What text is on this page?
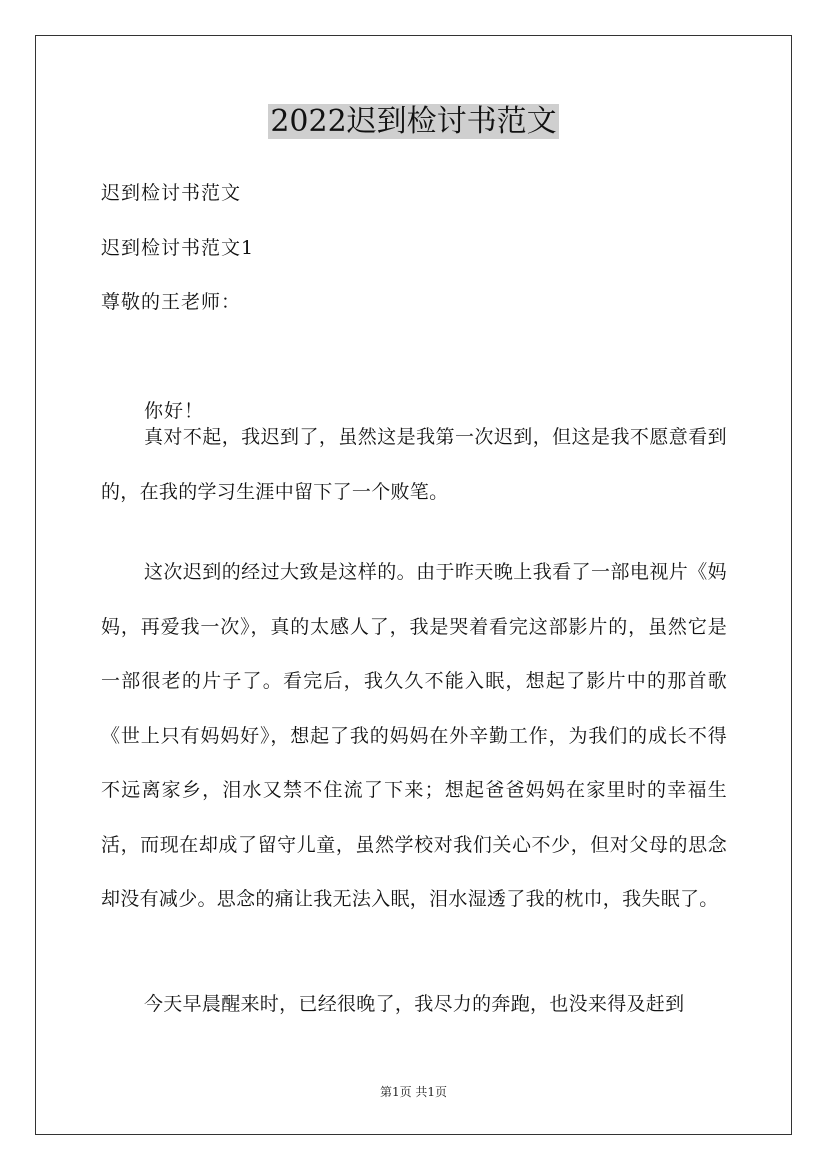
2022迟到检讨书范文

迟到检讨书范文

迟到检讨书范文1

尊敬的王老师：

你好！

真对不起，我迟到了，虽然这是我第一次迟到，但这是我不愿意看到的，在我的学习生涯中留下了一个败笔。

这次迟到的经过大致是这样的。由于昨天晚上我看了一部电视片《妈妈，再爱我一次》，真的太感人了，我是哭着看完这部影片的，虽然它是一部很老的片子了。看完后，我久久不能入眠，想起了影片中的那首歌《世上只有妈妈好》，想起了我的妈妈在外辛勤工作，为我们的成长不得不远离家乡，泪水又禁不住流了下来；想起爸爸妈妈在家里时的幸福生活，而现在却成了留守儿童，虽然学校对我们关心不少，但对父母的思念却没有减少。思念的痛让我无法入眠，泪水湿透了我的枕巾，我失眠了。

今天早晨醒来时，已经很晚了，我尽力的奔跑，也没来得及赶到

第1页 共1页
